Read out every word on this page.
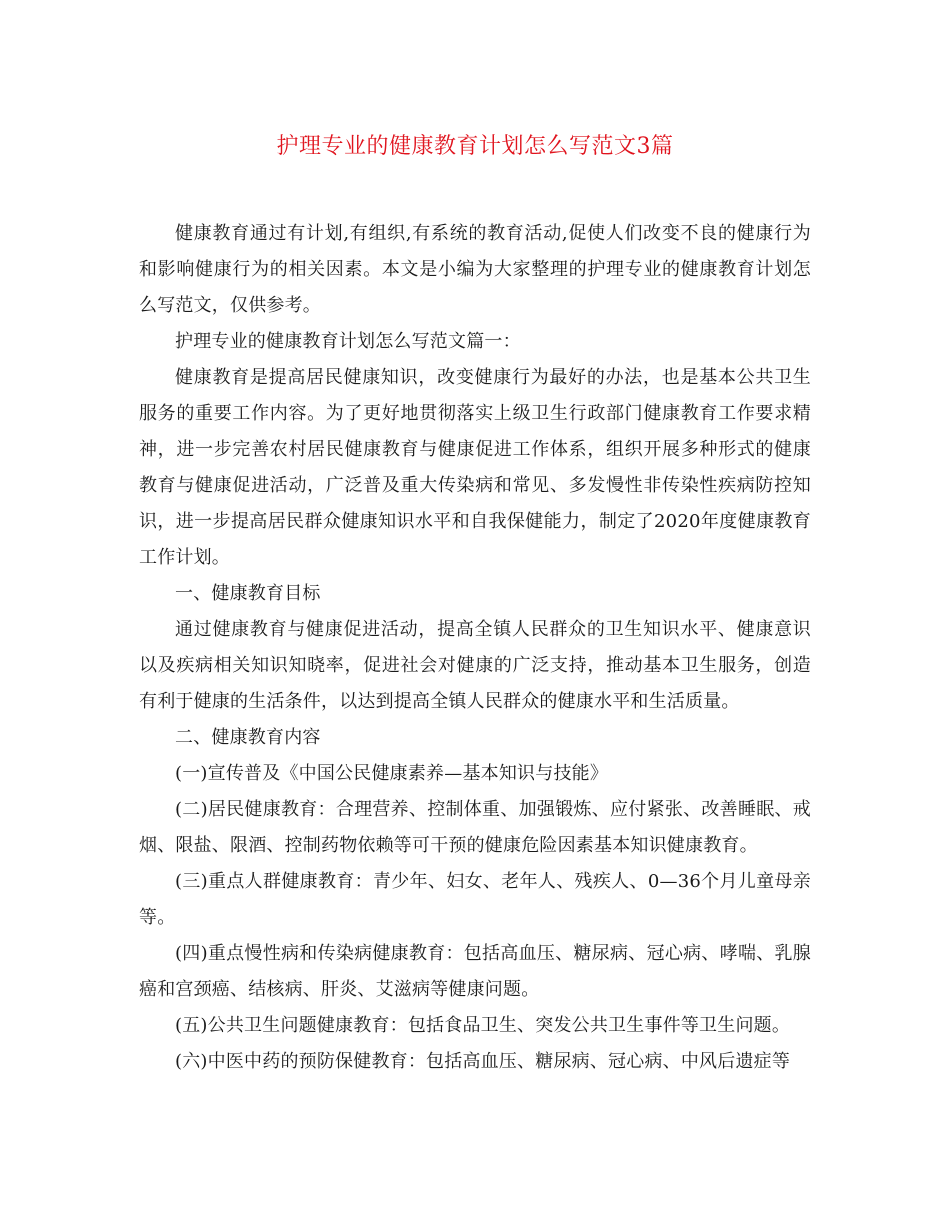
护理专业的健康教育计划怎么写范文3篇

健康教育通过有计划,有组织,有系统的教育活动,促使人们改变不良的健康行为和影响健康行为的相关因素。本文是小编为大家整理的护理专业的健康教育计划怎么写范文，仅供参考。

护理专业的健康教育计划怎么写范文篇一：

健康教育是提高居民健康知识，改变健康行为最好的办法，也是基本公共卫生服务的重要工作内容。为了更好地贯彻落实上级卫生行政部门健康教育工作要求精神，进一步完善农村居民健康教育与健康促进工作体系，组织开展多种形式的健康教育与健康促进活动，广泛普及重大传染病和常见、多发慢性非传染性疾病防控知识，进一步提高居民群众健康知识水平和自我保健能力，制定了2020年度健康教育工作计划。

一、健康教育目标

通过健康教育与健康促进活动，提高全镇人民群众的卫生知识水平、健康意识以及疾病相关知识知晓率，促进社会对健康的广泛支持，推动基本卫生服务，创造有利于健康的生活条件，以达到提高全镇人民群众的健康水平和生活质量。

二、健康教育内容

(一)宣传普及《中国公民健康素养—基本知识与技能》

(二)居民健康教育：合理营养、控制体重、加强锻炼、应付紧张、改善睡眠、戒烟、限盐、限酒、控制药物依赖等可干预的健康危险因素基本知识健康教育。

(三)重点人群健康教育：青少年、妇女、老年人、残疾人、0—36个月儿童母亲等。

(四)重点慢性病和传染病健康教育：包括高血压、糖尿病、冠心病、哮喘、乳腺癌和宫颈癌、结核病、肝炎、艾滋病等健康问题。

(五)公共卫生问题健康教育：包括食品卫生、突发公共卫生事件等卫生问题。

(六)中医中药的预防保健教育：包括高血压、糖尿病、冠心病、中风后遗症等
